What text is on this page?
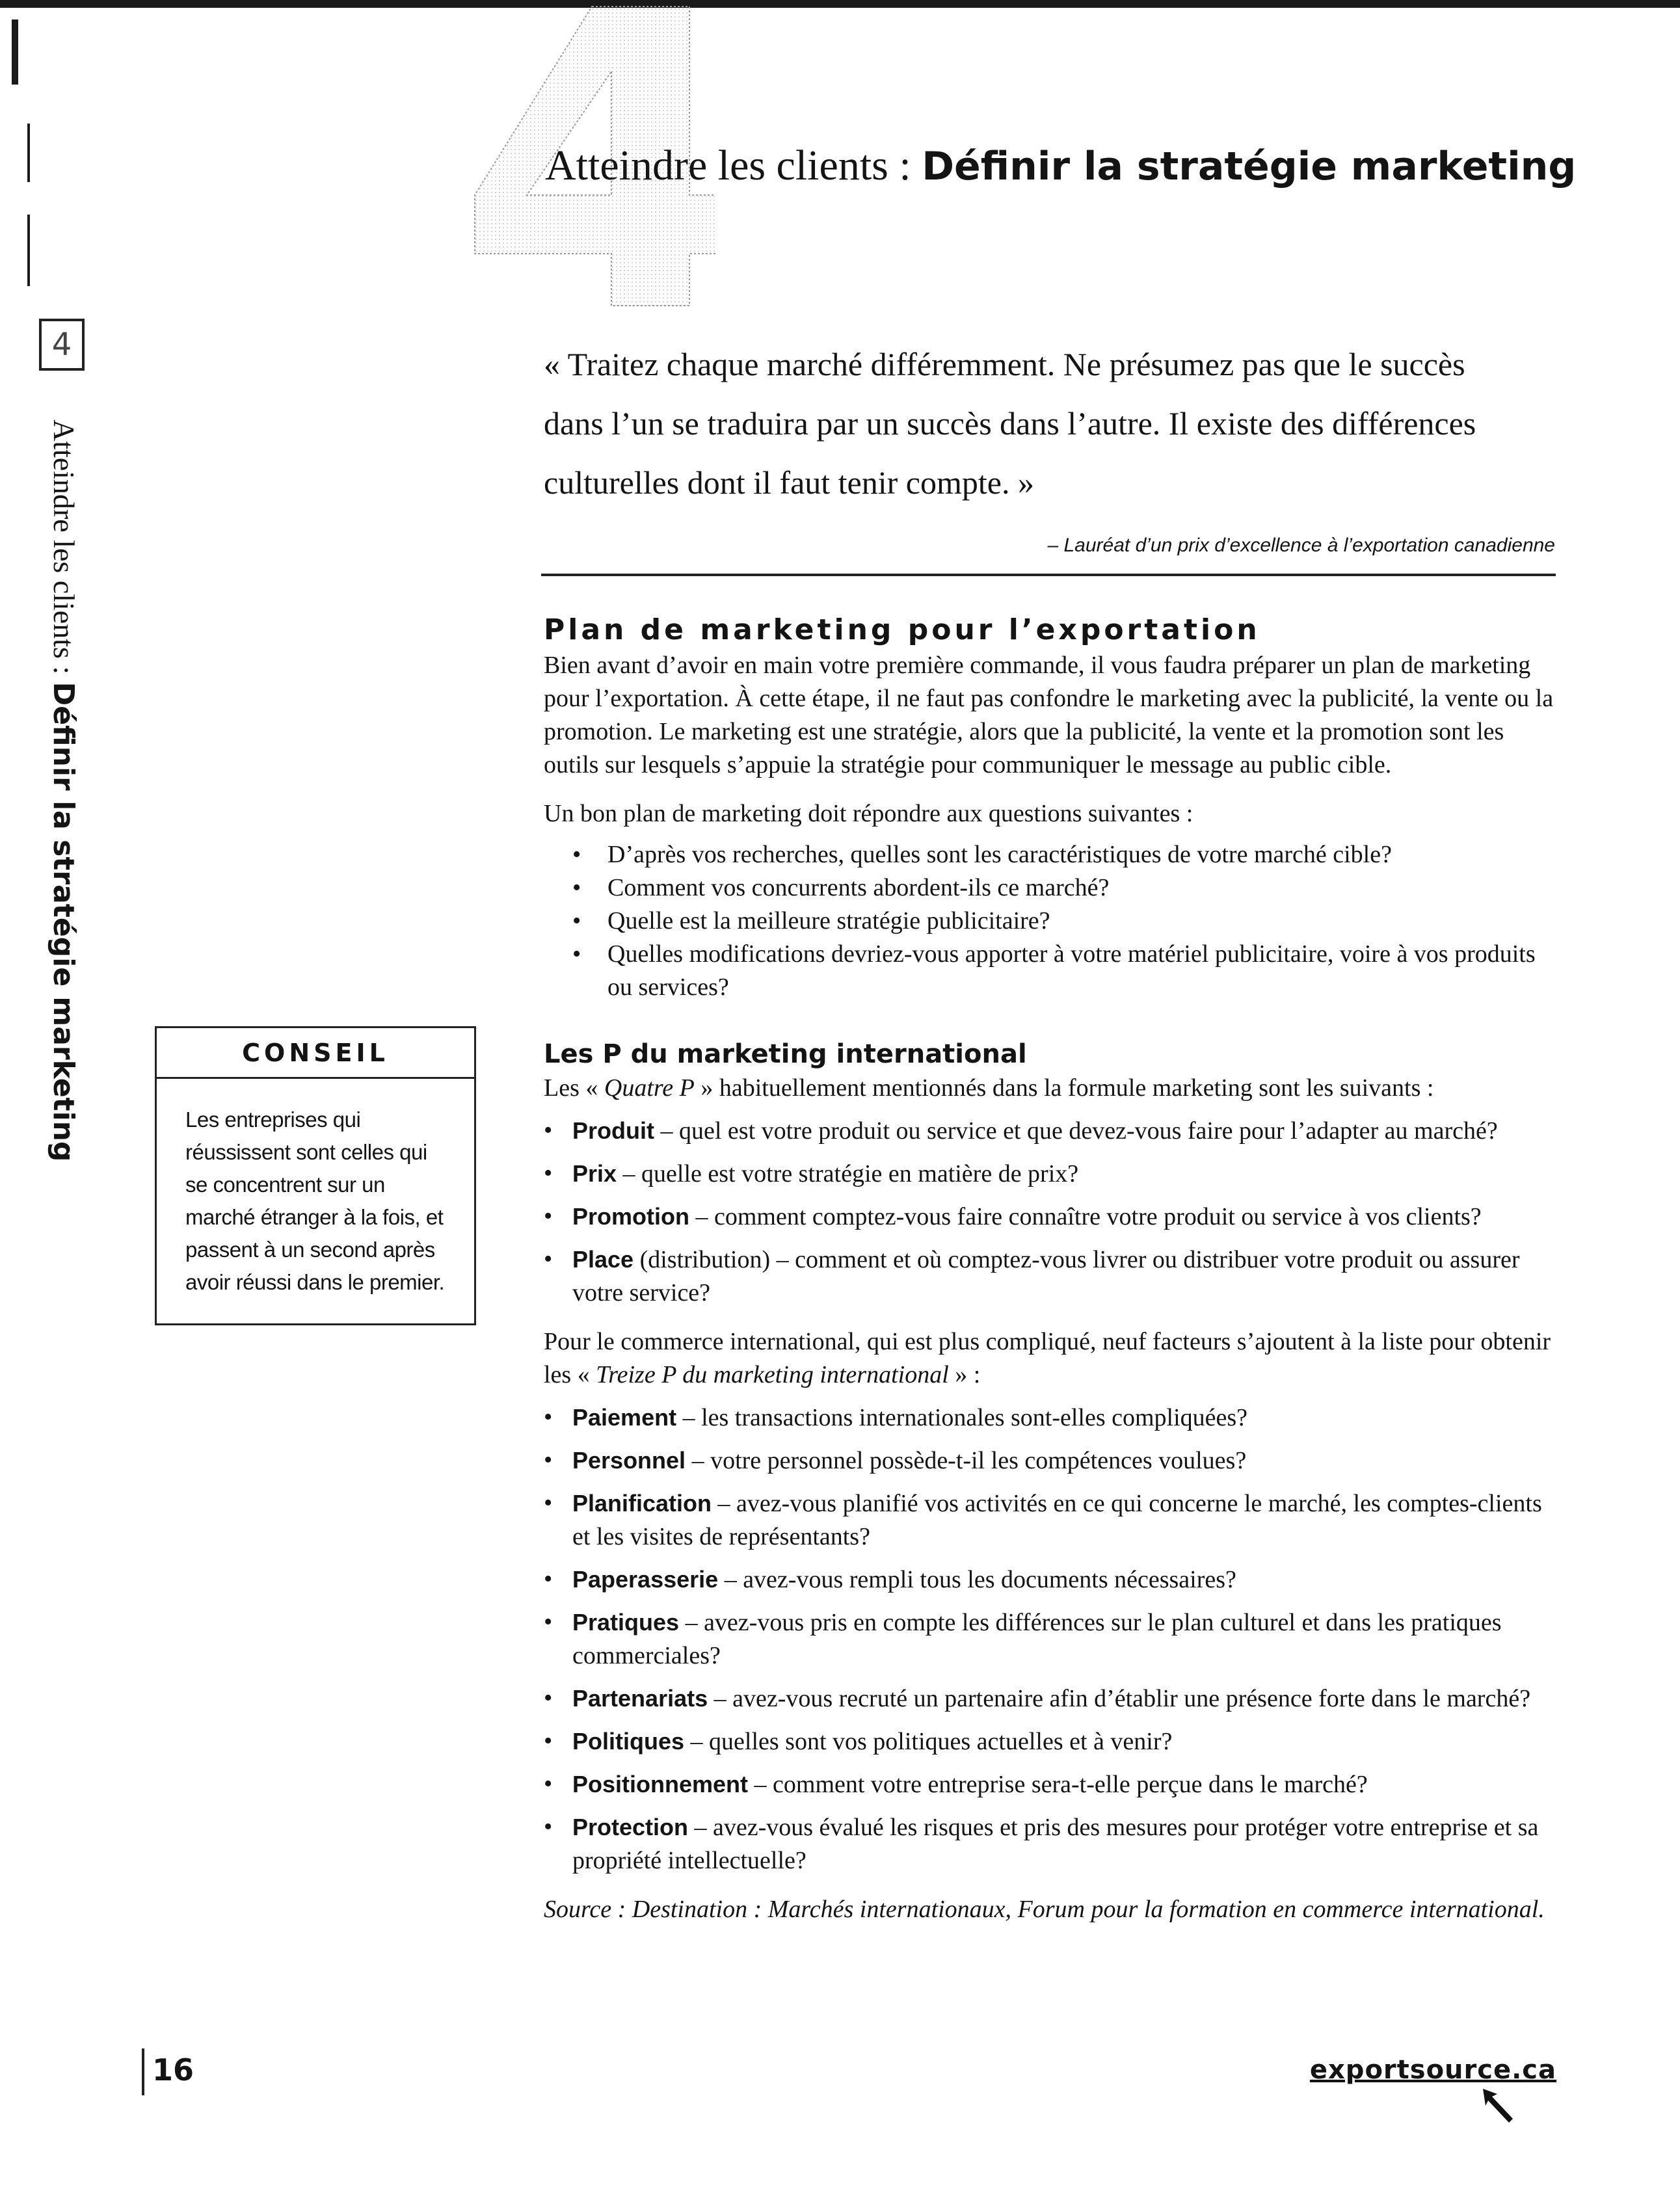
Atteindre les clients : Définir la stratégie marketing
4
Atteindre les clients : Définir la stratégie marketing

« Traitez chaque marché différemment. Ne présumez pas que le succès dans l’un se traduira par un succès dans l’autre. Il existe des différences culturelles dont il faut tenir compte. »

– Lauréat d’un prix d’excellence à l’exportation canadienne
Plan de marketing pour l’exportation

Bien avant d’avoir en main votre première commande, il vous faudra préparer un plan de marketing pour l’exportation. À cette étape, il ne faut pas confondre le marketing avec la publicité, la vente ou la promotion. Le marketing est une stratégie, alors que la publicité, la vente et la promotion sont les outils sur lesquels s’appuie la stratégie pour communiquer le message au public cible.

Un bon plan de marketing doit répondre aux questions suivantes :

• D’après vos recherches, quelles sont les caractéristiques de votre marché cible?
• Comment vos concurrents abordent-ils ce marché?
• Quelle est la meilleure stratégie publicitaire?
• Quelles modifications devriez-vous apporter à votre matériel publicitaire, voire à vos produits ou services?
Les P du marketing international

Les « Quatre P » habituellement mentionnés dans la formule marketing sont les suivants :

• Produit – quel est votre produit ou service et que devez-vous faire pour l’adapter au marché?
• Prix – quelle est votre stratégie en matière de prix?
• Promotion – comment comptez-vous faire connaître votre produit ou service à vos clients?
• Place (distribution) – comment et où comptez-vous livrer ou distribuer votre produit ou assurer votre service?

Pour le commerce international, qui est plus compliqué, neuf facteurs s’ajoutent à la liste pour obtenir les « Treize P du marketing international » :

• Paiement – les transactions internationales sont-elles compliquées?
• Personnel – votre personnel possède-t-il les compétences voulues?
• Planification – avez-vous planifié vos activités en ce qui concerne le marché, les comptes-clients et les visites de représentants?
• Paperasserie – avez-vous rempli tous les documents nécessaires?
• Pratiques – avez-vous pris en compte les différences sur le plan culturel et dans les pratiques commerciales?
• Partenariats – avez-vous recruté un partenaire afin d’établir une présence forte dans le marché?
• Politiques – quelles sont vos politiques actuelles et à venir?
• Positionnement – comment votre entreprise sera-t-elle perçue dans le marché?
• Protection – avez-vous évalué les risques et pris des mesures pour protéger votre entreprise et sa propriété intellectuelle?

Source : Destination : Marchés internationaux, Forum pour la formation en commerce international.

CONSEIL
Les entreprises qui réussissent sont celles qui se concentrent sur un marché étranger à la fois, et passent à un second après avoir réussi dans le premier.
16	exportsource.ca
